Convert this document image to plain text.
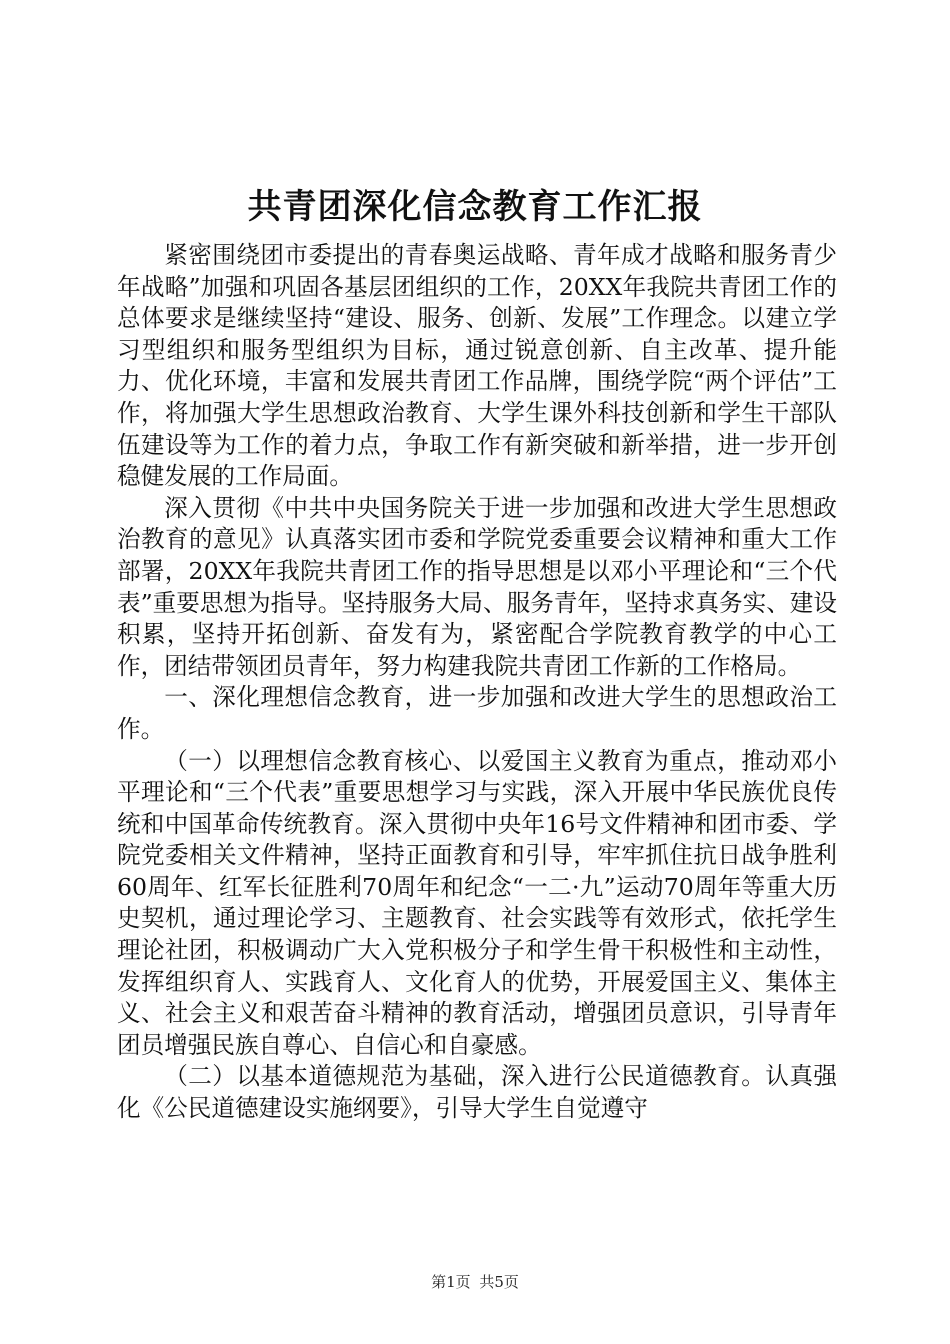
共青团深化信念教育工作汇报

紧密围绕团市委提出的青春奥运战略、青年成才战略和服务青少年战略”加强和巩固各基层团组织的工作，20XX年我院共青团工作的总体要求是继续坚持“建设、服务、创新、发展”工作理念。以建立学习型组织和服务型组织为目标，通过锐意创新、自主改革、提升能力、优化环境，丰富和发展共青团工作品牌，围绕学院“两个评估”工作，将加强大学生思想政治教育、大学生课外科技创新和学生干部队伍建设等为工作的着力点，争取工作有新突破和新举措，进一步开创稳健发展的工作局面。

深入贯彻《中共中央国务院关于进一步加强和改进大学生思想政治教育的意见》认真落实团市委和学院党委重要会议精神和重大工作部署，20XX年我院共青团工作的指导思想是以邓小平理论和“三个代表”重要思想为指导。坚持服务大局、服务青年，坚持求真务实、建设积累，坚持开拓创新、奋发有为，紧密配合学院教育教学的中心工作，团结带领团员青年，努力构建我院共青团工作新的工作格局。

一、深化理想信念教育，进一步加强和改进大学生的思想政治工作。

（一）以理想信念教育核心、以爱国主义教育为重点，推动邓小平理论和“三个代表”重要思想学习与实践，深入开展中华民族优良传统和中国革命传统教育。深入贯彻中央年16号文件精神和团市委、学院党委相关文件精神，坚持正面教育和引导，牢牢抓住抗日战争胜利60周年、红军长征胜利70周年和纪念“一二·九”运动70周年等重大历史契机，通过理论学习、主题教育、社会实践等有效形式，依托学生理论社团，积极调动广大入党积极分子和学生骨干积极性和主动性，发挥组织育人、实践育人、文化育人的优势，开展爱国主义、集体主义、社会主义和艰苦奋斗精神的教育活动，增强团员意识，引导青年团员增强民族自尊心、自信心和自豪感。

（二）以基本道德规范为基础，深入进行公民道德教育。认真强化《公民道德建设实施纲要》，引导大学生自觉遵守

第1页 共5页
